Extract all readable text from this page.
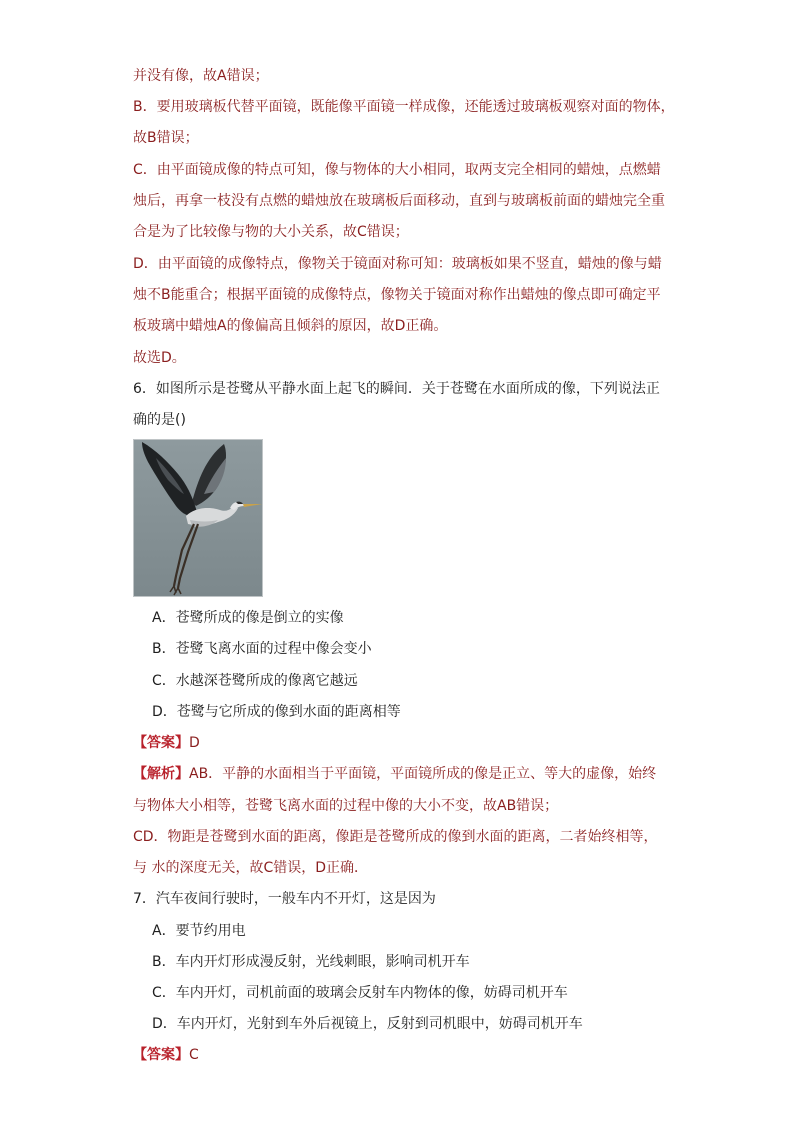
并没有像，故A错误；
B．要用玻璃板代替平面镜，既能像平面镜一样成像，还能透过玻璃板观察对面的物体，
故B错误；
C．由平面镜成像的特点可知，像与物体的大小相同，取两支完全相同的蜡烛，点燃蜡
烛后，再拿一枝没有点燃的蜡烛放在玻璃板后面移动，直到与玻璃板前面的蜡烛完全重
合是为了比较像与物的大小关系，故C错误；
D．由平面镜的成像特点，像物关于镜面对称可知：玻璃板如果不竖直，蜡烛的像与蜡
烛不B能重合；根据平面镜的成像特点，像物关于镜面对称作出蜡烛的像点即可确定平
板玻璃中蜡烛A的像偏高且倾斜的原因，故D正确。
故选D。
6．如图所示是苍鹭从平静水面上起飞的瞬间．关于苍鹭在水面所成的像，下列说法正
确的是()
A．苍鹭所成的像是倒立的实像
B．苍鹭飞离水面的过程中像会变小
C．水越深苍鹭所成的像离它越远
D．苍鹭与它所成的像到水面的距离相等
【答案】D
【解析】AB．平静的水面相当于平面镜，平面镜所成的像是正立、等大的虚像，始终
与物体大小相等，苍鹭飞离水面的过程中像的大小不变，故AB错误；
CD．物距是苍鹭到水面的距离，像距是苍鹭所成的像到水面的距离，二者始终相等，
与 水的深度无关，故C错误，D正确．
7．汽车夜间行驶时，一般车内不开灯，这是因为
A．要节约用电
B．车内开灯形成漫反射，光线刺眼，影响司机开车
C．车内开灯，司机前面的玻璃会反射车内物体的像，妨碍司机开车
D．车内开灯，光射到车外后视镜上，反射到司机眼中，妨碍司机开车
【答案】C
